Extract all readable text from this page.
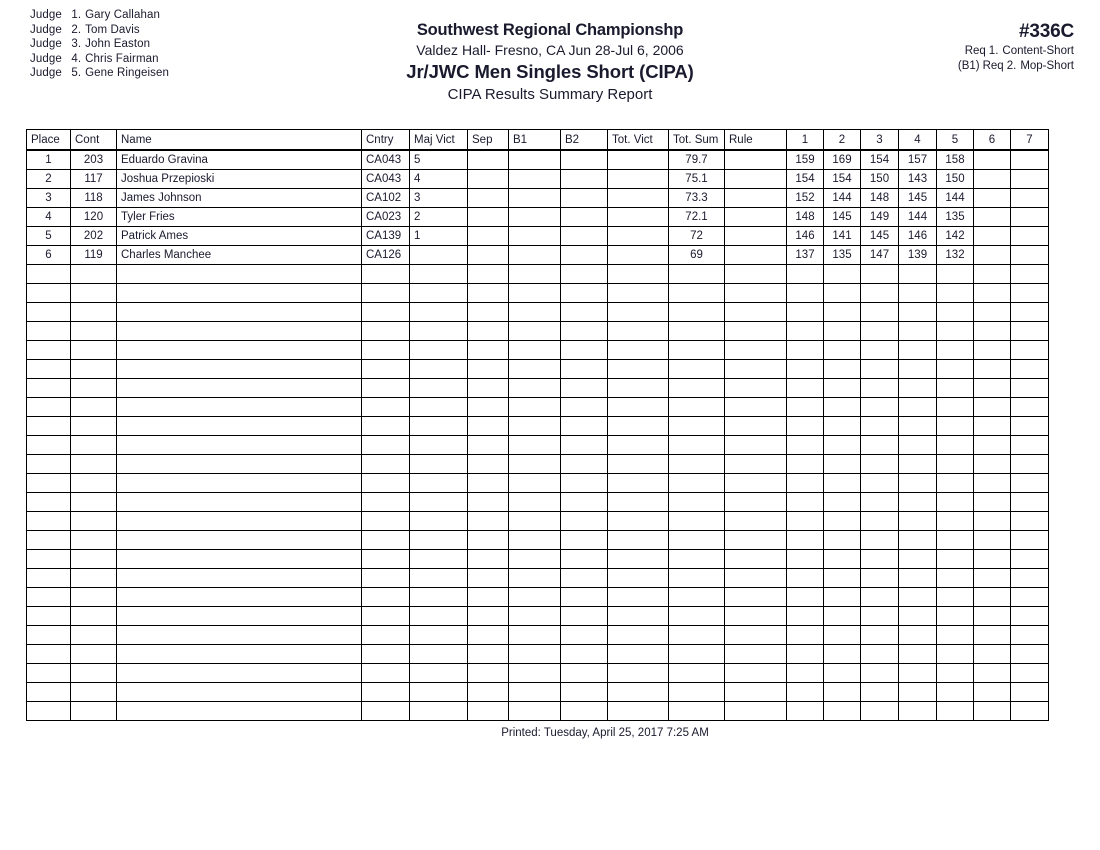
Judge 1. Gary Callahan
Judge 2. Tom Davis
Judge 3. John Easton
Judge 4. Chris Fairman
Judge 5. Gene Ringeisen
Southwest Regional Championshp
Valdez Hall- Fresno, CA Jun 28-Jul 6, 2006
Jr/JWC Men Singles Short (CIPA)
CIPA Results Summary Report
#336C
Req 1. Content-Short
(B1) Req 2. Mop-Short
Place	Cont	Name	Cntry	Maj Vict	Sep	B1	B2	Tot. Vict	Tot. Sum	Rule	1	2	3	4	5	6	7
1	203	Eduardo Gravina	CA043	5					79.7		159	169	154	157	158		
2	117	Joshua Przepioski	CA043	4					75.1		154	154	150	143	150		
3	118	James Johnson	CA102	3					73.3		152	144	148	145	144		
4	120	Tyler Fries	CA023	2					72.1		148	145	149	144	135		
5	202	Patrick Ames	CA139	1					72		146	141	145	146	142		
6	119	Charles Manchee	CA126						69		137	135	147	139	132		

Printed: Tuesday, April 25, 2017 7:25 AM
